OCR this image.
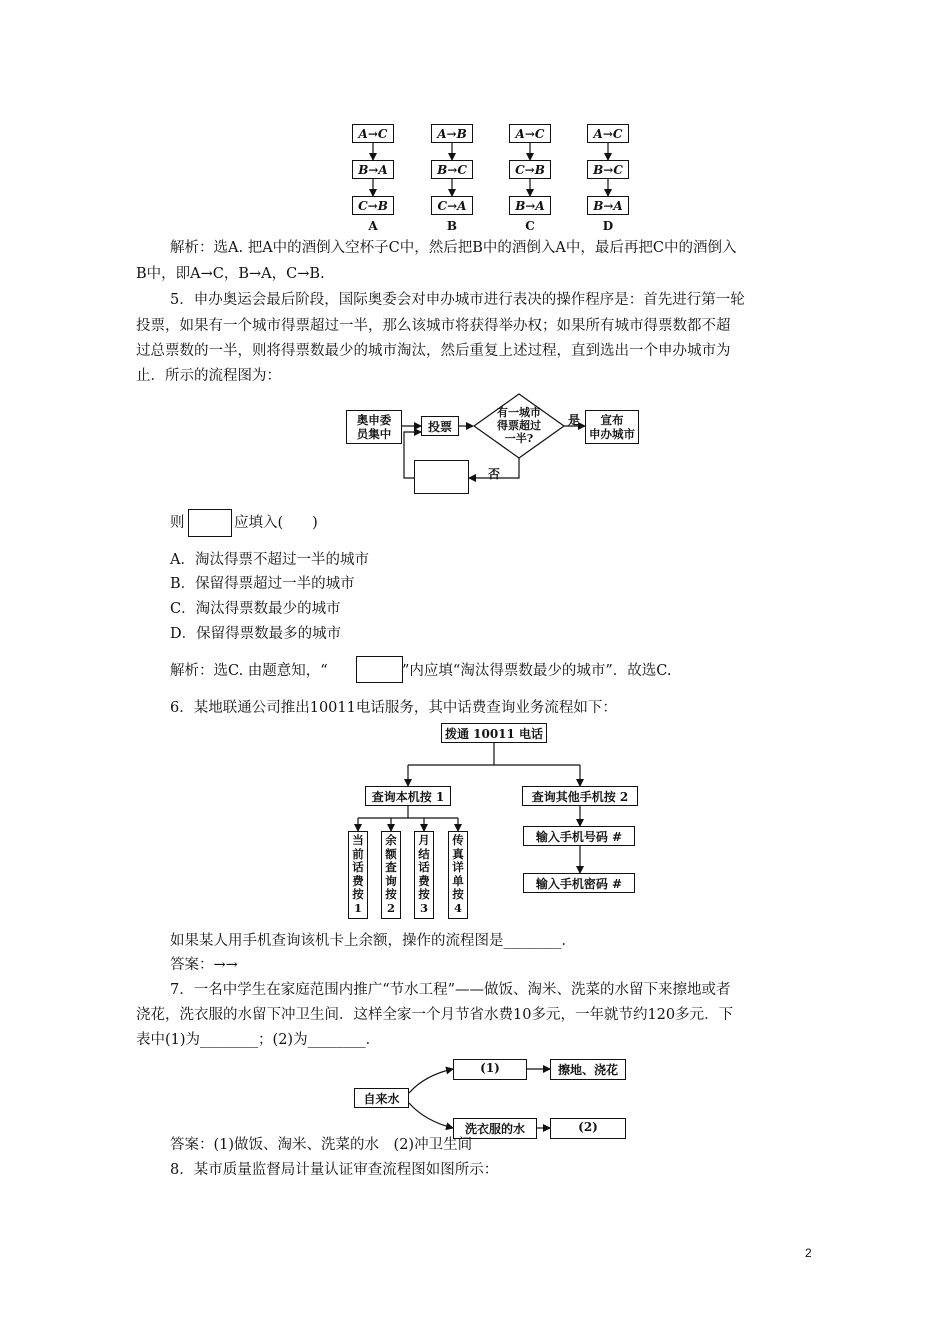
A→C
B→A
C→B
A
A→B
B→C
C→A
B
A→C
C→B
B→A
C
A→C
B→C
B→A
D
解析：选A. 把A中的酒倒入空杯子C中，然后把B中的酒倒入A中，最后再把C中的酒倒入
B中，即A→C，B→A，C→B.
5．申办奥运会最后阶段，国际奥委会对申办城市进行表决的操作程序是：首先进行第一轮
投票，如果有一个城市得票超过一半，那么该城市将获得举办权；如果所有城市得票数都不超
过总票数的一半，则将得票数最少的城市淘汰，然后重复上述过程，直到选出一个申办城市为
止．所示的流程图为：
奥申委
员集中	投票
有一城市
得票超过
一半?
是
否
宣布
申办城市
则	应填入(　　)
A．淘汰得票不超过一半的城市
B．保留得票超过一半的城市
C．淘汰得票数最少的城市
D．保留得票数最多的城市
解析：选C. 由题意知，“	”内应填“淘汰得票数最少的城市”．故选C.
6．某地联通公司推出10011电话服务，其中话费查询业务流程如下：
拨通 10011 电话
查询本机按 1	查询其他手机按 2
当前话费按1
余额查询按2
月结话费按3
传真详单按4
输入手机号码 #
输入手机密码 #
如果某人用手机查询该机卡上余额，操作的流程图是________．
答案：→→
7．一名中学生在家庭范围内推广“节水工程”——做饭、淘米、洗菜的水留下来擦地或者
浇花，洗衣服的水留下冲卫生间．这样全家一个月节省水费10多元，一年就节约120多元．下
表中(1)为________；(2)为________．
自来水
(1)	擦地、浇花
洗衣服的水	(2)
答案：(1)做饭、淘米、洗菜的水　(2)冲卫生间
8．某市质量监督局计量认证审查流程图如图所示：
2
